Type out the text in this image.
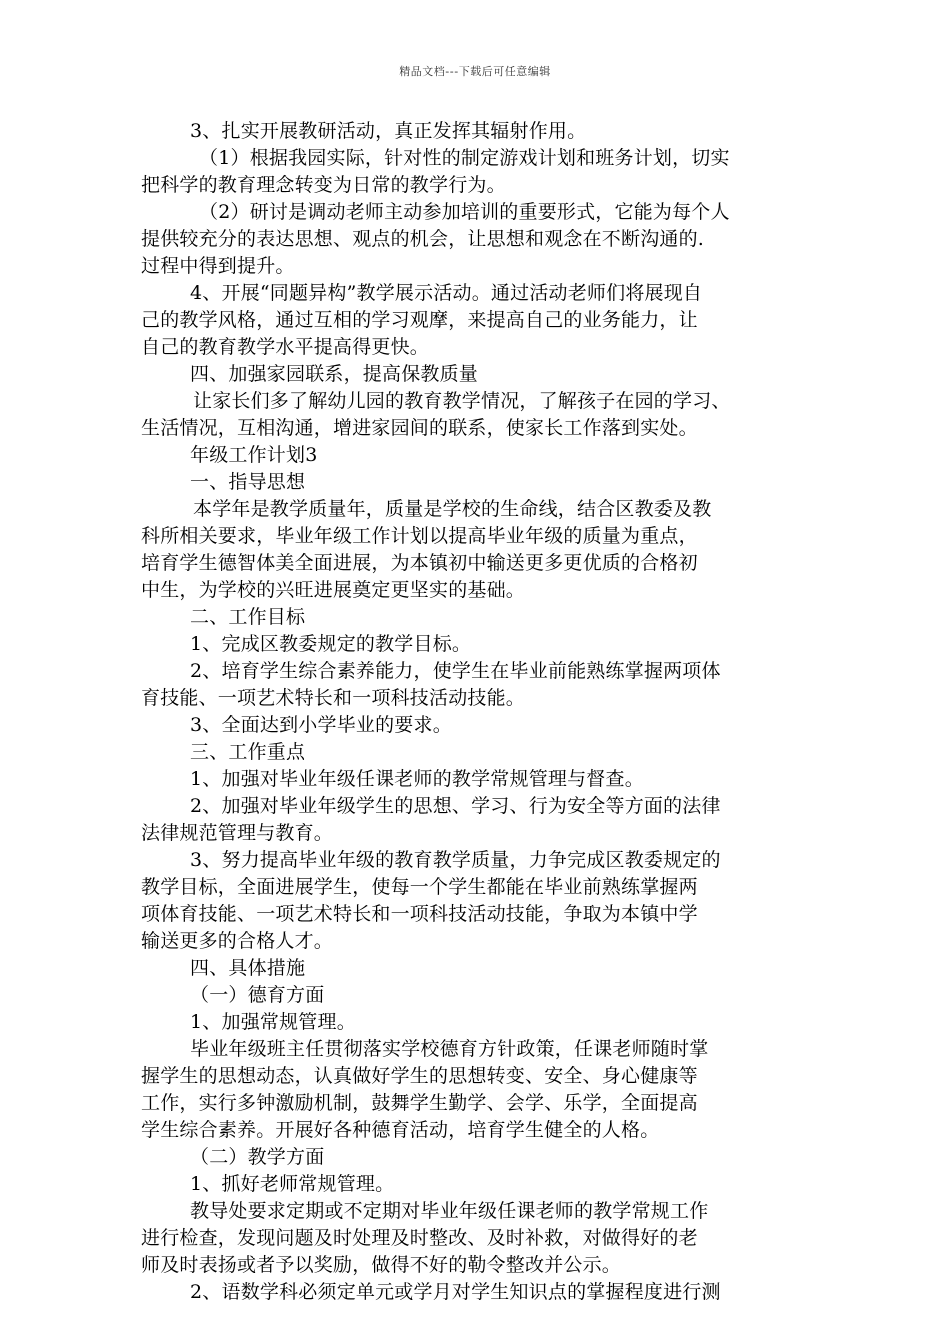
精品文档---下载后可任意编辑
3、扎实开展教研活动，真正发挥其辐射作用。
（1）根据我园实际，针对性的制定游戏计划和班务计划，切实
把科学的教育理念转变为日常的教学行为。
（2）研讨是调动老师主动参加培训的重要形式，它能为每个人
提供较充分的表达思想、观点的机会，让思想和观念在不断沟通的.
过程中得到提升。
4、开展“同题异构”教学展示活动。通过活动老师们将展现自
己的教学风格，通过互相的学习观摩，来提高自己的业务能力，让
自己的教育教学水平提高得更快。
四、加强家园联系，提高保教质量
让家长们多了解幼儿园的教育教学情况，了解孩子在园的学习、
生活情况，互相沟通，增进家园间的联系，使家长工作落到实处。
年级工作计划3
一、指导思想
本学年是教学质量年，质量是学校的生命线，结合区教委及教
科所相关要求，毕业年级工作计划以提高毕业年级的质量为重点，
培育学生德智体美全面进展，为本镇初中输送更多更优质的合格初
中生，为学校的兴旺进展奠定更坚实的基础。
二、工作目标
1、完成区教委规定的教学目标。
2、培育学生综合素养能力，使学生在毕业前能熟练掌握两项体
育技能、一项艺术特长和一项科技活动技能。
3、全面达到小学毕业的要求。
三、工作重点
1、加强对毕业年级任课老师的教学常规管理与督查。
2、加强对毕业年级学生的思想、学习、行为安全等方面的法律
法律规范管理与教育。
3、努力提高毕业年级的教育教学质量，力争完成区教委规定的
教学目标，全面进展学生，使每一个学生都能在毕业前熟练掌握两
项体育技能、一项艺术特长和一项科技活动技能，争取为本镇中学
输送更多的合格人才。
四、具体措施
（一）德育方面
1、加强常规管理。
毕业年级班主任贯彻落实学校德育方针政策，任课老师随时掌
握学生的思想动态，认真做好学生的思想转变、安全、身心健康等
工作，实行多钟激励机制，鼓舞学生勤学、会学、乐学，全面提高
学生综合素养。开展好各种德育活动，培育学生健全的人格。
（二）教学方面
1、抓好老师常规管理。
教导处要求定期或不定期对毕业年级任课老师的教学常规工作
进行检查，发现问题及时处理及时整改、及时补救，对做得好的老
师及时表扬或者予以奖励，做得不好的勒令整改并公示。
2、语数学科必须定单元或学月对学生知识点的掌握程度进行测
